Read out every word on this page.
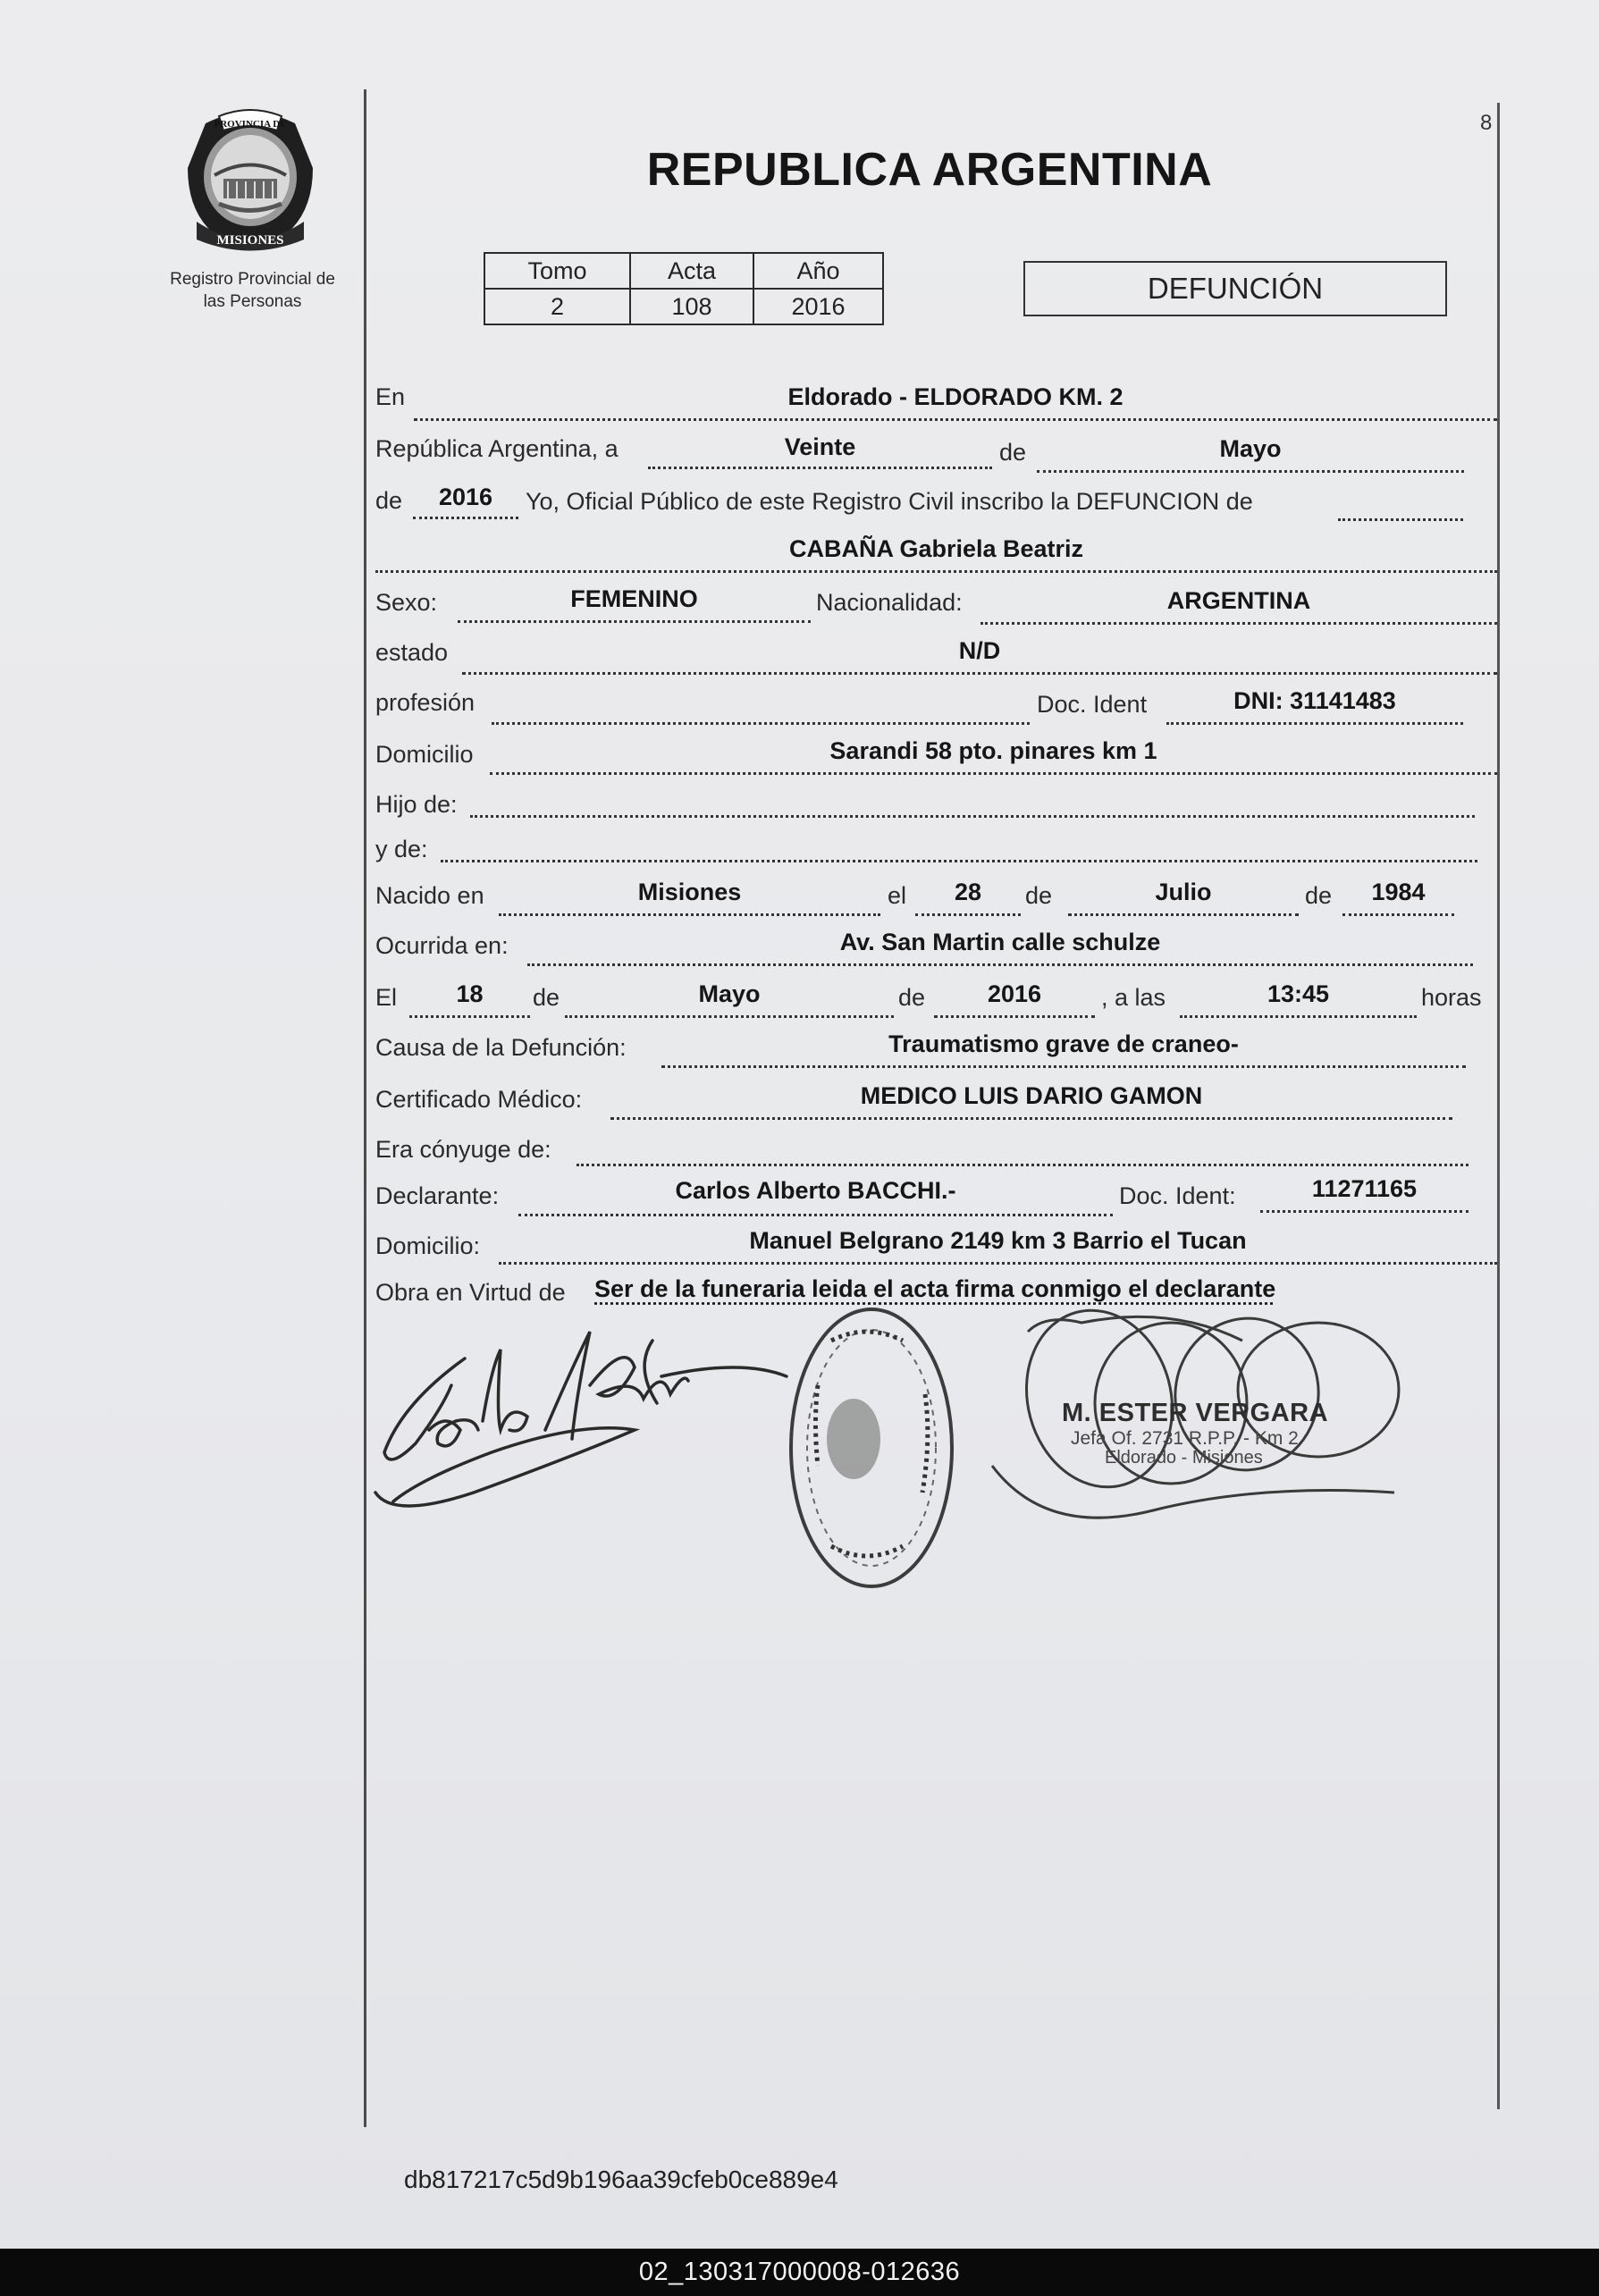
PROVINCIA DE
MISIONES
Registro Provincial de
las Personas
8
REPUBLICA ARGENTINA
Tomo	Acta	Año
2	108	2016
DEFUNCIÓN
En	Eldorado - ELDORADO KM. 2
República Argentina, a	Veinte	de	Mayo
de	2016	Yo, Oficial Público de este Registro Civil inscribo la DEFUNCION de
CABAÑA Gabriela Beatriz
Sexo:	FEMENINO	Nacionalidad:	ARGENTINA
estado	N/D
profesión	Doc. Ident	DNI: 31141483
Domicilio	Sarandi 58 pto. pinares km 1
Hijo de:
y de:
Nacido en	Misiones	el	28	de	Julio	de	1984
Ocurrida en:	Av. San Martin calle schulze
El	18	de	Mayo	de	2016	, a las	13:45	horas
Causa de la Defunción:	Traumatismo grave de craneo-
Certificado Médico:	MEDICO LUIS DARIO GAMON
Era cónyuge de:
Declarante:	Carlos Alberto BACCHI.-	Doc. Ident:	11271165
Domicilio:	Manuel Belgrano 2149 km 3 Barrio el Tucan
Obra en Virtud de Ser de la funeraria leida el acta firma conmigo el declarante
M. ESTER VERGARA
Jefa Of. 2731 R.P.P. - Km 2
Eldorado - Misiones
db817217c5d9b196aa39cfeb0ce889e4
02_130317000008-012636
